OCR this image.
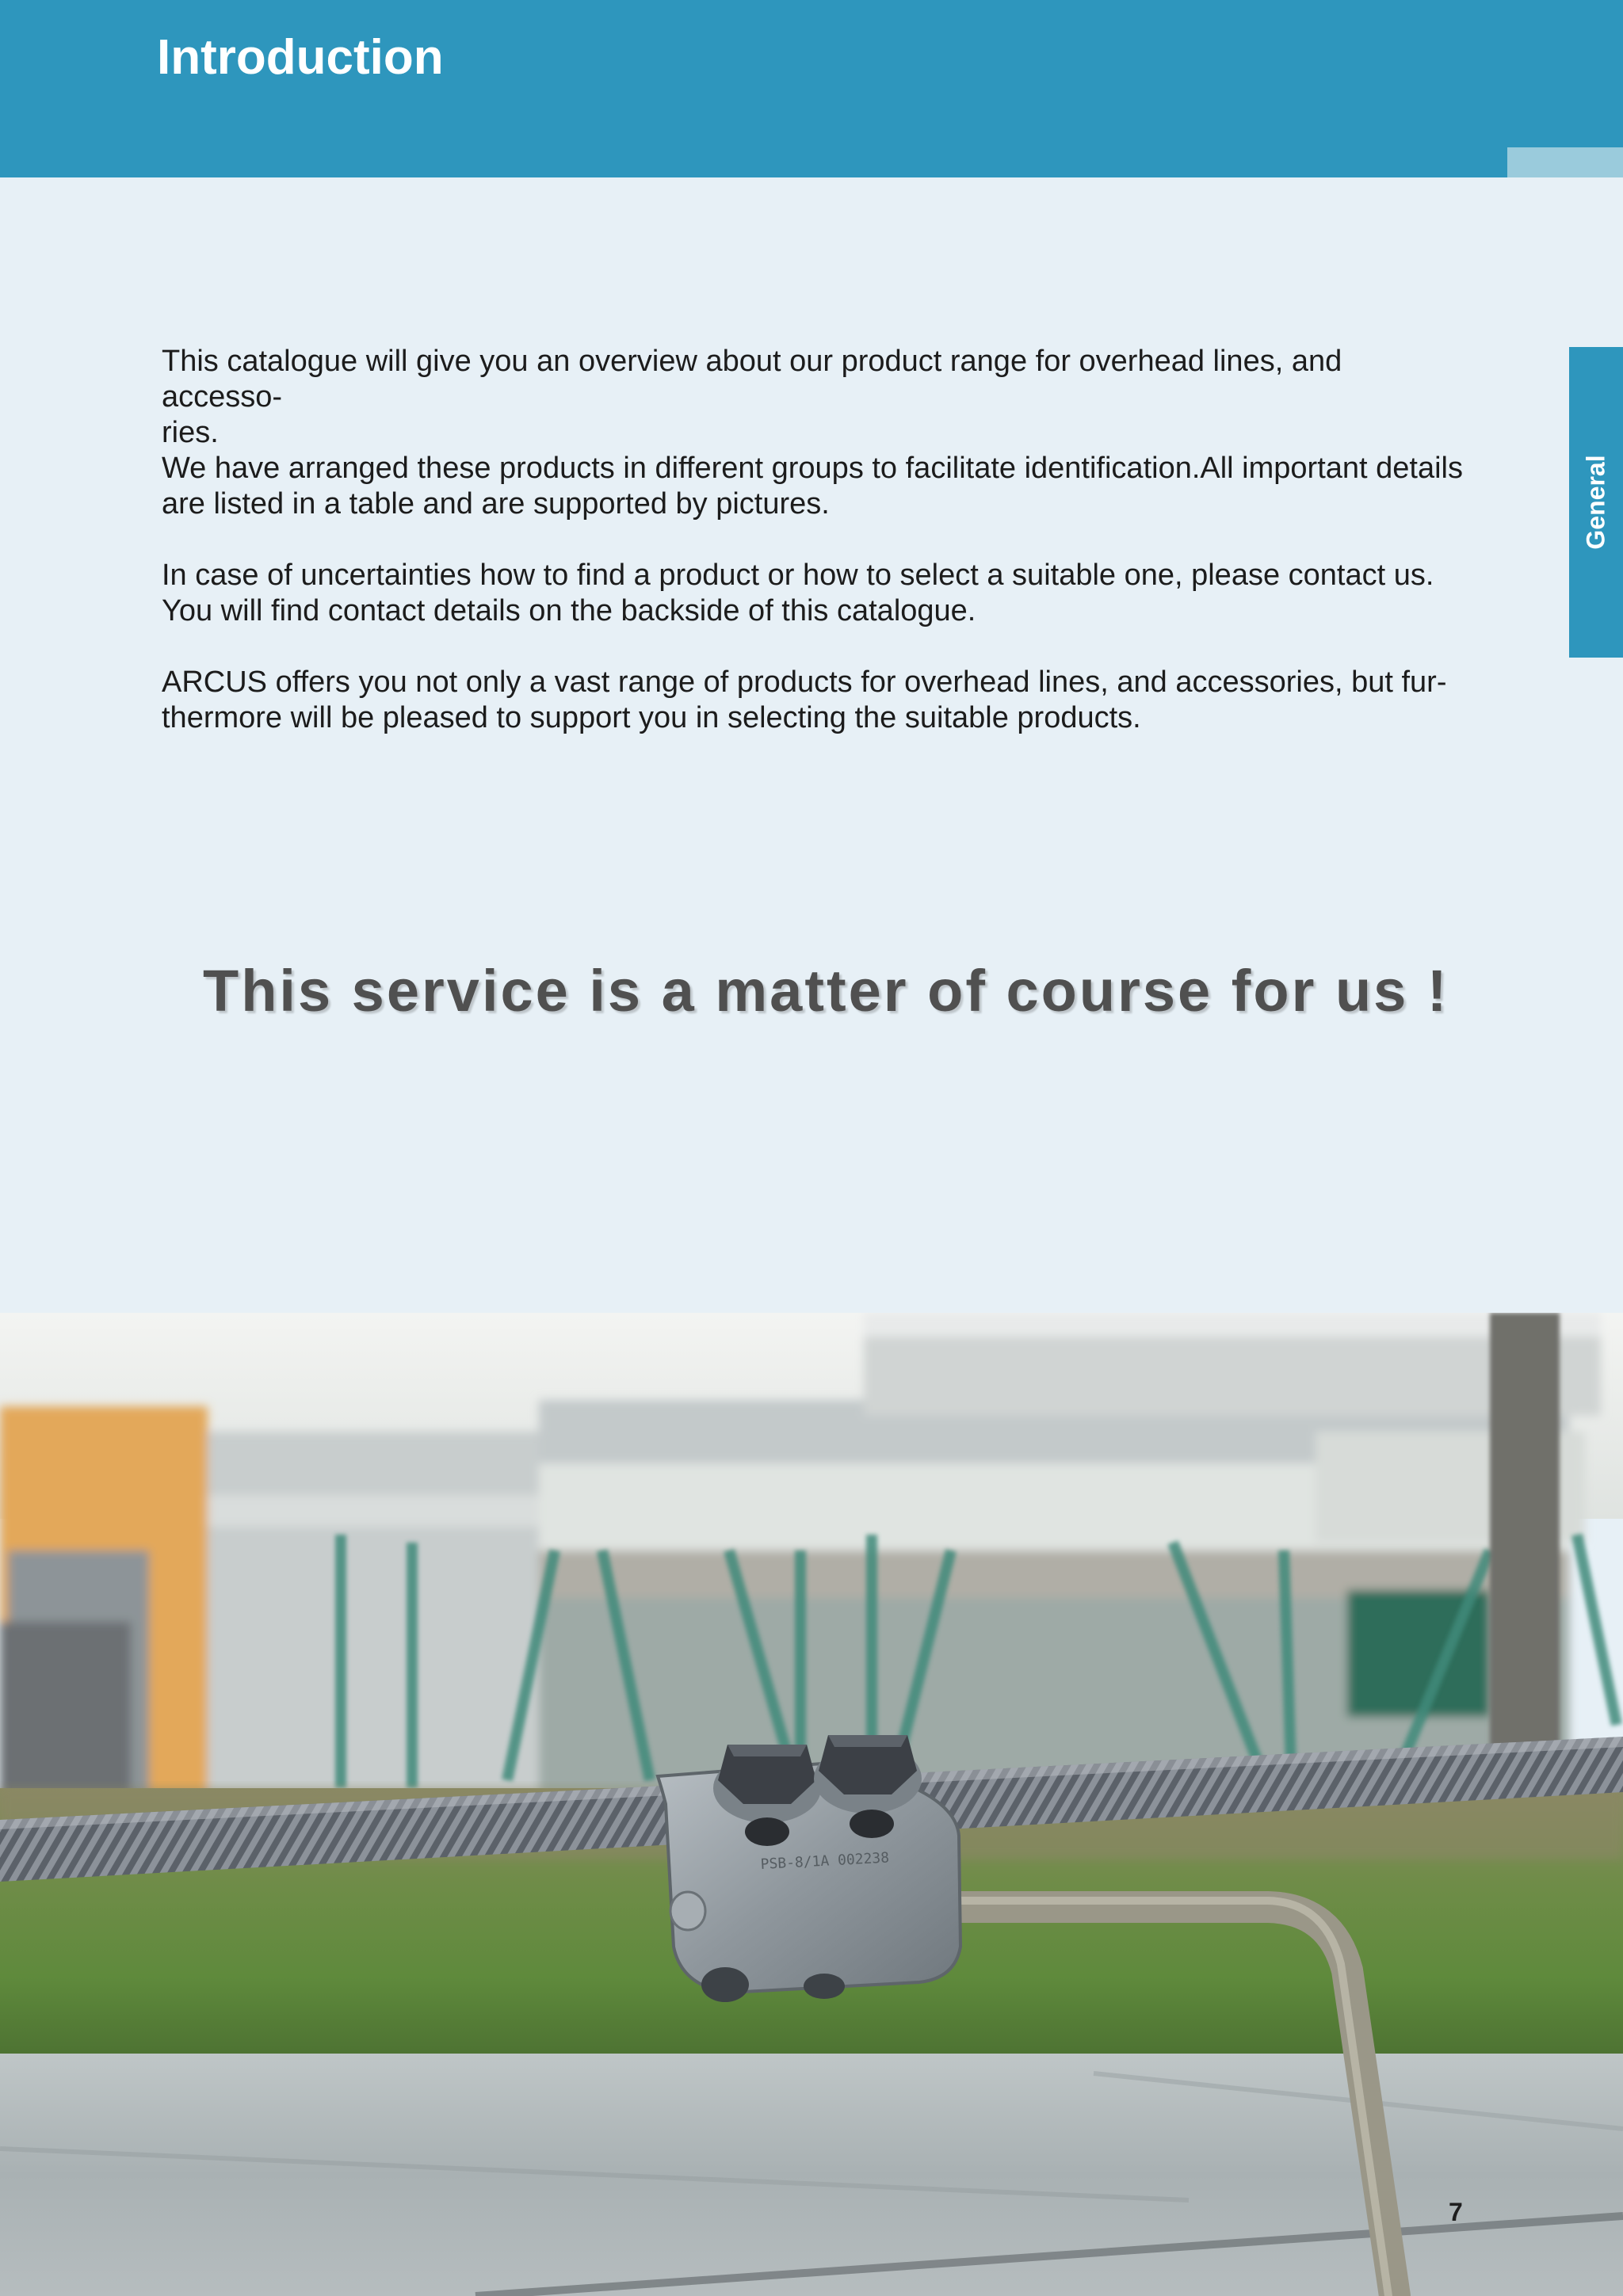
Introduction
General

This catalogue will give you an overview about our product range for overhead lines, and accesso-
ries.
We have arranged these products in different groups to facilitate identification.All important details
are listed in a table and are supported by pictures.

In case of uncertainties how to find a product or how to select a suitable one, please contact us.
You will find contact details on the backside of this catalogue.

ARCUS offers you not only a vast range of products for overhead lines, and accessories, but fur-
thermore will be pleased to support you in selecting the suitable products.

This service is a matter of course for us !
PSB-8/1A 002238
7
